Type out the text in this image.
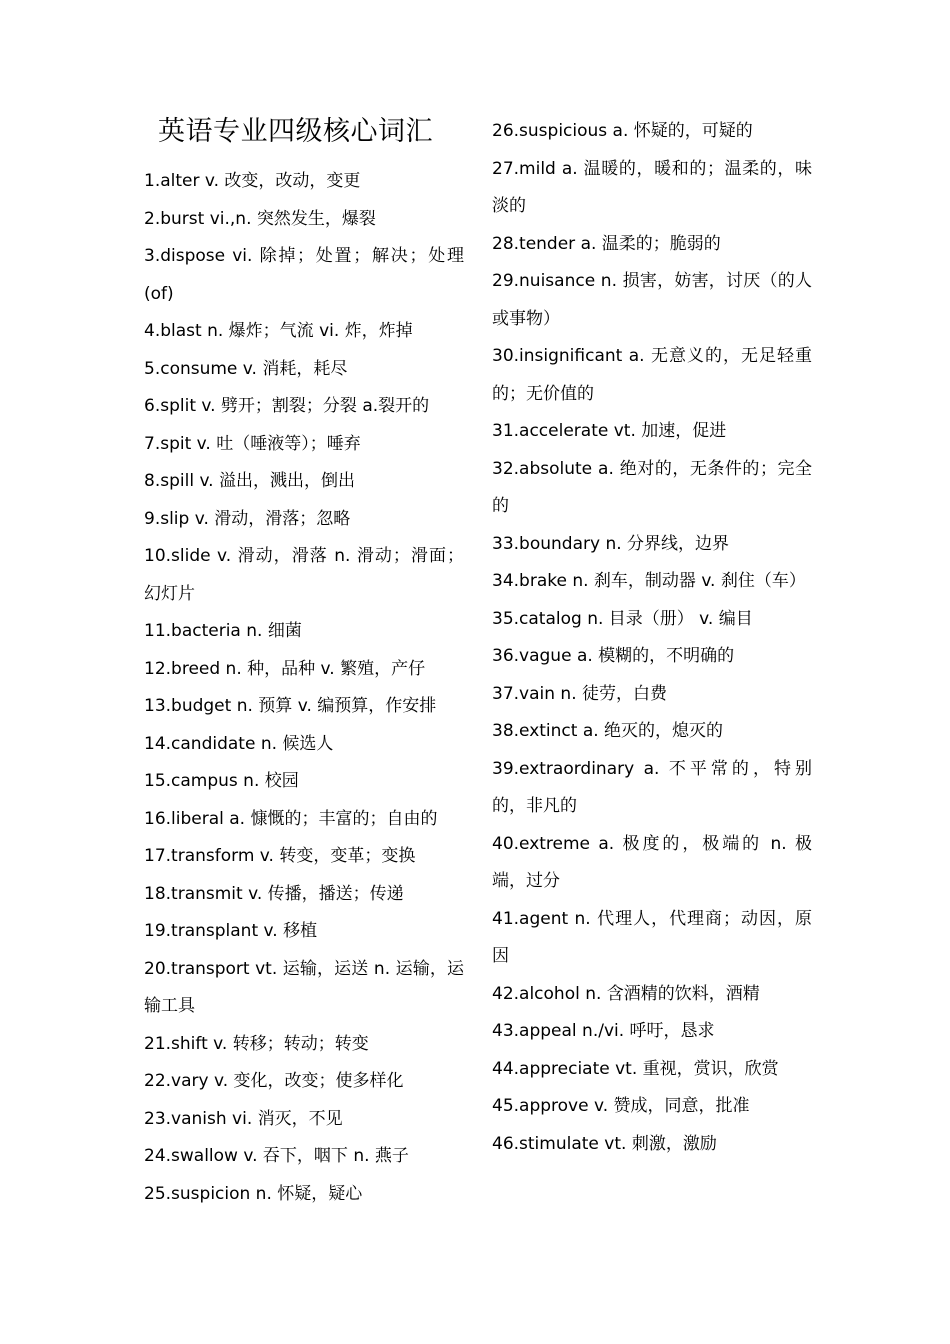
英语专业四级核心词汇
1.alter v. 改变，改动，变更
2.burst vi.,n. 突然发生，爆裂
3.dispose vi. 除掉；处置；解决；处理(of)
4.blast n. 爆炸；气流 vi. 炸，炸掉
5.consume v. 消耗，耗尽
6.split v. 劈开；割裂；分裂 a.裂开的
7.spit v. 吐（唾液等）；唾弃
8.spill v. 溢出，溅出，倒出
9.slip v. 滑动，滑落；忽略
10.slide v. 滑动，滑落 n. 滑动；滑面；幻灯片
11.bacteria n. 细菌
12.breed n. 种，品种 v. 繁殖，产仔
13.budget n. 预算 v. 编预算，作安排
14.candidate n. 候选人
15.campus n. 校园
16.liberal a. 慷慨的；丰富的；自由的
17.transform v. 转变，变革；变换
18.transmit v. 传播，播送；传递
19.transplant v. 移植
20.transport vt. 运输，运送 n. 运输，运输工具
21.shift v. 转移；转动；转变
22.vary v. 变化，改变；使多样化
23.vanish vi. 消灭，不见
24.swallow v. 吞下，咽下 n. 燕子
25.suspicion n. 怀疑，疑心
26.suspicious a. 怀疑的，可疑的
27.mild a. 温暖的，暖和的；温柔的，味淡的
28.tender a. 温柔的；脆弱的
29.nuisance n. 损害，妨害，讨厌（的人或事物）
30.insignificant a. 无意义的，无足轻重的；无价值的
31.accelerate vt. 加速，促进
32.absolute a. 绝对的，无条件的；完全的
33.boundary n. 分界线，边界
34.brake n. 刹车，制动器 v. 刹住（车）
35.catalog n. 目录（册） v. 编目
36.vague a. 模糊的，不明确的
37.vain n. 徒劳，白费
38.extinct a. 绝灭的，熄灭的
39.extraordinary a. 不平常的，特别的，非凡的
40.extreme a. 极度的，极端的 n. 极端，过分
41.agent n. 代理人，代理商；动因，原因
42.alcohol n. 含酒精的饮料，酒精
43.appeal n./vi. 呼吁，恳求
44.appreciate vt. 重视，赏识，欣赏
45.approve v. 赞成，同意，批准
46.stimulate vt. 刺激，激励
